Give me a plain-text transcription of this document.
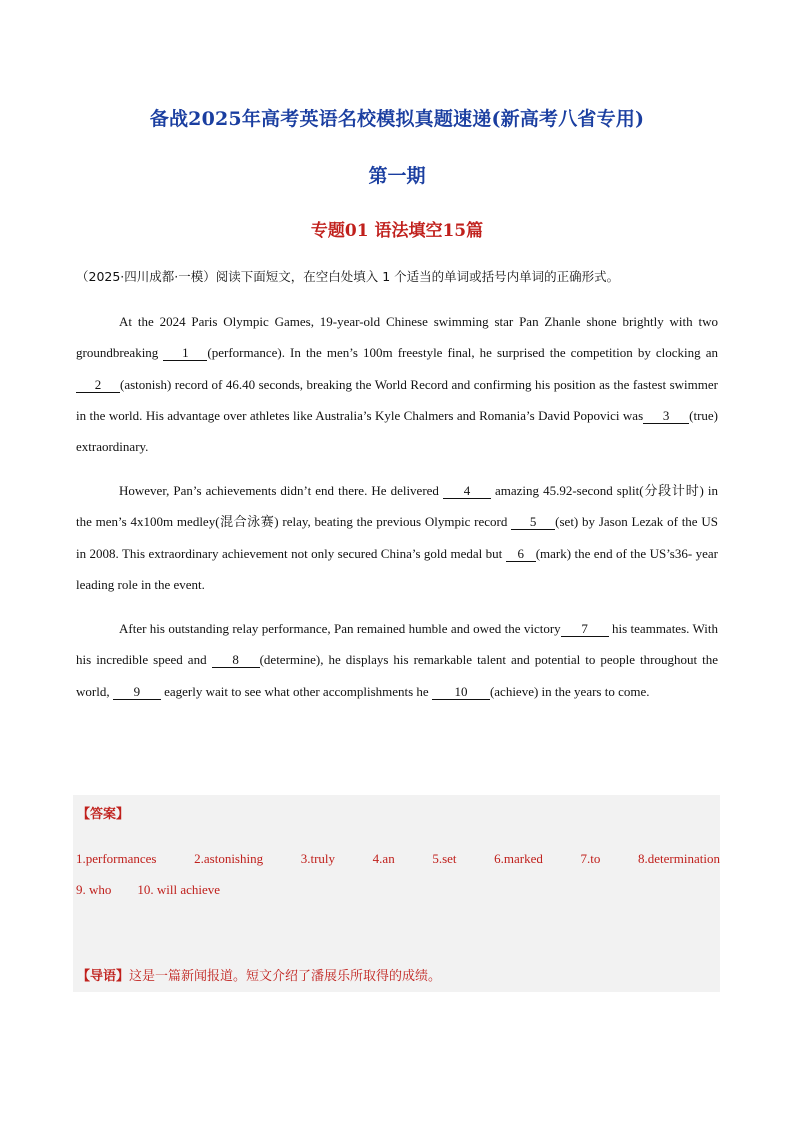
备战2025年高考英语名校模拟真题速递(新高考八省专用)
第一期
专题01 语法填空15篇
（2025·四川成都·一模）阅读下面短文，在空白处填入 1 个适当的单词或括号内单词的正确形式。

At the 2024 Paris Olympic Games, 19-year-old Chinese swimming star Pan Zhanle shone brightly with two groundbreaking 1 (performance). In the men’s 100m freestyle final, he surprised the competition by clocking an 2 (astonish) record of 46.40 seconds, breaking the World Record and confirming his position as the fastest swimmer in the world. His advantage over athletes like Australia’s Kyle Chalmers and Romania’s David Popovici was 3 (true) extraordinary.

However, Pan’s achievements didn’t end there. He delivered 4 amazing 45.92-second split(分段计时) in the men’s 4x100m medley(混合泳赛) relay, beating the previous Olympic record 5 (set) by Jason Lezak of the US in 2008. This extraordinary achievement not only secured China’s gold medal but 6 (mark) the end of the US’s36- year leading role in the event.

After his outstanding relay performance, Pan remained humble and owed the victory 7 his teammates. With his incredible speed and 8 (determine), he displays his remarkable talent and potential to people throughout the world, 9 eagerly wait to see what other accomplishments he 10 (achieve) in the years to come.

【答案】
1.performances	2.astonishing	3.truly	4.an	5.set	6.marked	7.to	8.determination
9. who 10. will achieve
【导语】这是一篇新闻报道。短文介绍了潘展乐所取得的成绩。
